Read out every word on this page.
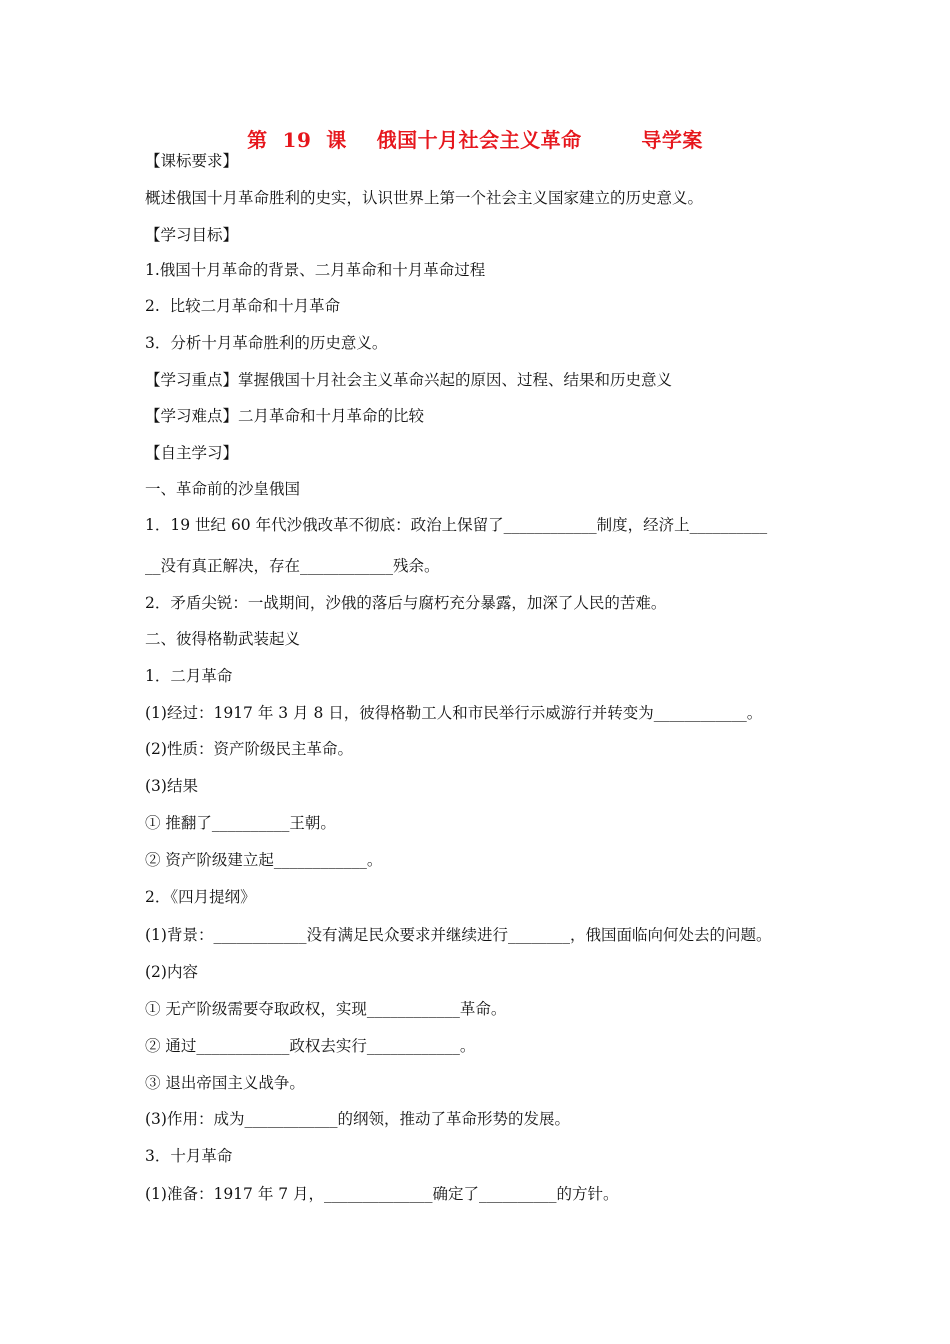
第  19  课    俄国十月社会主义革命        导学案
【课标要求】
概述俄国十月革命胜利的史实，认识世界上第一个社会主义国家建立的历史意义。
【学习目标】
1.俄国十月革命的背景、二月革命和十月革命过程
2.  比较二月革命和十月革命
3．分析十月革命胜利的历史意义。
【学习重点】掌握俄国十月社会主义革命兴起的原因、过程、结果和历史意义
【学习难点】二月革命和十月革命的比较
【自主学习】
一、革命前的沙皇俄国
1．19 世纪 60 年代沙俄改革不彻底：政治上保留了____________制度，经济上__________
__没有真正解决，存在____________残余。
2．矛盾尖锐：一战期间，沙俄的落后与腐朽充分暴露，加深了人民的苦难。
二、彼得格勒武装起义
1．二月革命
(1)经过：1917 年 3 月 8 日，彼得格勒工人和市民举行示威游行并转变为____________。
(2)性质：资产阶级民主革命。
(3)结果
① 推翻了__________王朝。
② 资产阶级建立起____________。
2．《四月提纲》
(1)背景：____________没有满足民众要求并继续进行________，俄国面临向何处去的问题。
(2)内容
① 无产阶级需要夺取政权，实现____________革命。
② 通过____________政权去实行____________。
③ 退出帝国主义战争。
(3)作用：成为____________的纲领，推动了革命形势的发展。
3．十月革命
(1)准备：1917 年 7 月，______________确定了__________的方针。
